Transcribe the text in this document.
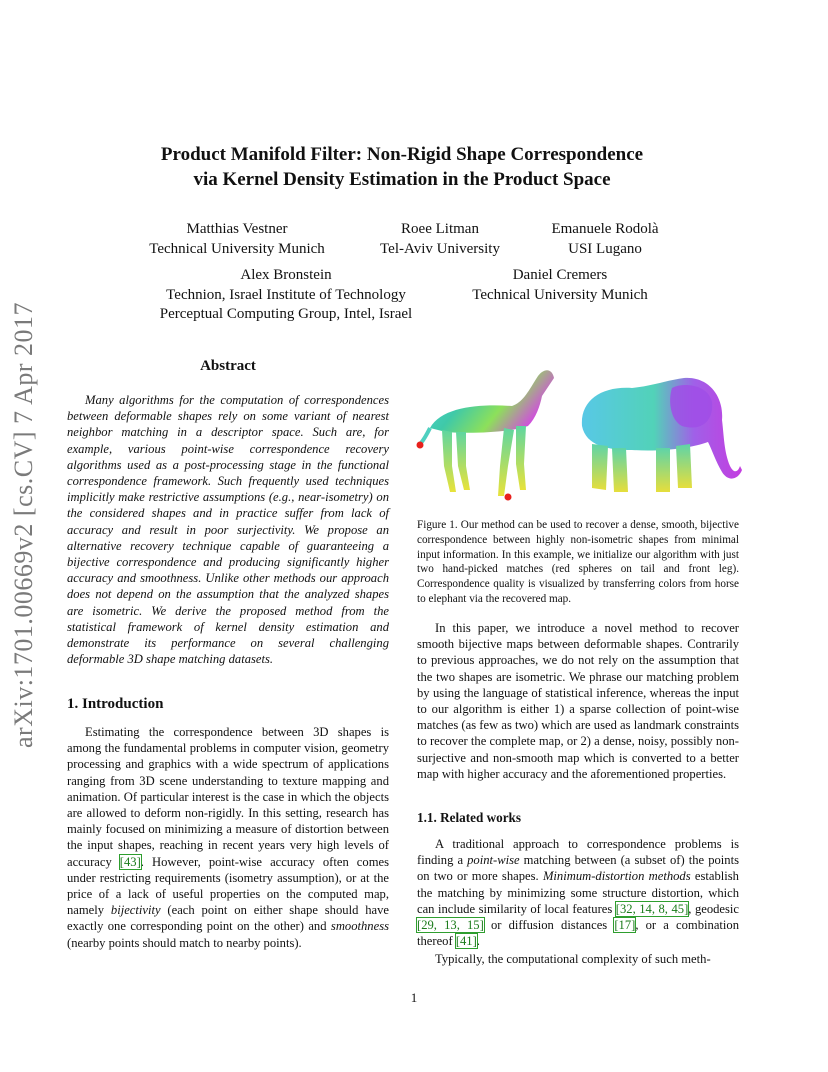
arXiv:1701.00669v2 [cs.CV] 7 Apr 2017
Product Manifold Filter: Non-Rigid Shape Correspondence
via Kernel Density Estimation in the Product Space
Matthias Vestner
Technical University Munich
Roee Litman
Tel-Aviv University
Emanuele Rodolà
USI Lugano
Alex Bronstein
Technion, Israel Institute of Technology
Perceptual Computing Group, Intel, Israel
Daniel Cremers
Technical University Munich
Abstract

Many algorithms for the computation of correspondences between deformable shapes rely on some variant of nearest neighbor matching in a descriptor space. Such are, for example, various point-wise correspondence recovery algorithms used as a post-processing stage in the functional correspondence framework. Such frequently used techniques implicitly make restrictive assumptions (e.g., near-isometry) on the considered shapes and in practice suffer from lack of accuracy and result in poor surjectivity. We propose an alternative recovery technique capable of guaranteeing a bijective correspondence and producing significantly higher accuracy and smoothness. Unlike other methods our approach does not depend on the assumption that the analyzed shapes are isometric. We derive the proposed method from the statistical framework of kernel density estimation and demonstrate its performance on several challenging deformable 3D shape matching datasets.

1. Introduction

Estimating the correspondence between 3D shapes is among the fundamental problems in computer vision, geometry processing and graphics with a wide spectrum of applications ranging from 3D scene understanding to texture mapping and animation. Of particular interest is the case in which the objects are allowed to deform non-rigidly. In this setting, research has mainly focused on minimizing a measure of distortion between the input shapes, reaching in recent years very high levels of accuracy [43]. However, point-wise accuracy often comes under restricting requirements (isometry assumption), or at the price of a lack of useful properties on the computed map, namely bijectivity (each point on either shape should have exactly one corresponding point on the other) and smoothness (nearby points should match to nearby points).

Figure 1. Our method can be used to recover a dense, smooth, bijective correspondence between highly non-isometric shapes from minimal input information. In this example, we initialize our algorithm with just two hand-picked matches (red spheres on tail and front leg). Correspondence quality is visualized by transferring colors from horse to elephant via the recovered map.

In this paper, we introduce a novel method to recover smooth bijective maps between deformable shapes. Contrarily to previous approaches, we do not rely on the assumption that the two shapes are isometric. We phrase our matching problem by using the language of statistical inference, whereas the input to our algorithm is either 1) a sparse collection of point-wise matches (as few as two) which are used as landmark constraints to recover the complete map, or 2) a dense, noisy, possibly non-surjective and non-smooth map which is converted to a better map with higher accuracy and the aforementioned properties.

1.1. Related works

A traditional approach to correspondence problems is finding a point-wise matching between (a subset of) the points on two or more shapes. Minimum-distortion methods establish the matching by minimizing some structure distortion, which can include similarity of local features [32, 14, 8, 45], geodesic [29, 13, 15] or diffusion distances [17], or a combination thereof [41].

Typically, the computational complexity of such meth-

1
